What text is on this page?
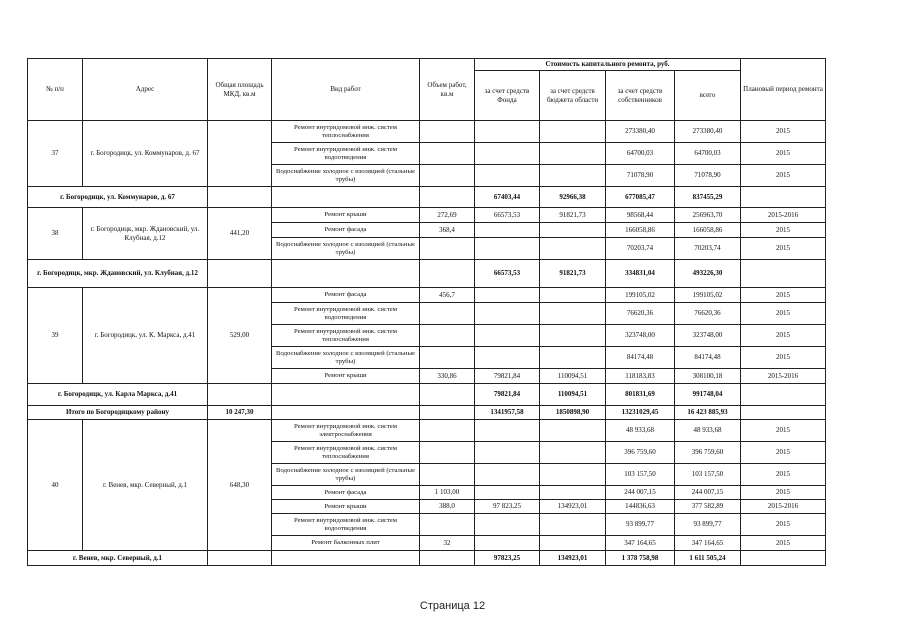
№ п/п	Адрес	Общая площадь МКД, кв.м	Вид работ	Объем работ, кв.м	Стоимость капитального ремонта, руб.				Плановый период ремонта
					за счет средств Фонда	за счет средств бюджета области	за счет средств собственников	всего	
37	г. Богородицк, ул. Коммунаров, д. 67		Ремонт внутридомовой инж. систем теплоснабжения				273380,40	273380,40	2015
			Ремонт внутридомовой инж. систем водоотведения				64700,03	64700,03	2015
			Водоснабжение холодное с изоляцией (стальные трубы)				71078,90	71078,90	2015
г. Богородицк, ул. Коммунаров, д. 67					67403,44	92966,38	677085,47	837455,29	
38	г. Богородицк, мкр. Ждановский, ул. Клубная, д.12	441,20	Ремонт крыши	272,69	66573,53	91821,73	98568,44	256963,70	2015-2016
			Ремонт фасада	368,4			166058,86	166058,86	2015
			Водоснабжение холодное с изоляцией (стальные трубы)				70203,74	70203,74	2015
г. Богородицк, мкр. Ждановский, ул. Клубная, д.12					66573,53	91821,73	334831,04	493226,30	
39	г. Богородицк, ул. К. Маркса, д.41	529,00	Ремонт фасада	456,7			199105,02	199105,02	2015
			Ремонт внутридомовой инж. систем водоотведения				76620,36	76620,36	2015
			Ремонт внутридомовой инж. систем теплоснабжения				323748,00	323748,00	2015
			Водоснабжение холодное с изоляцией (стальные трубы)				84174,48	84174,48	2015
			Ремонт крыши	330,86	79821,84	110094,51	118183,83	308100,18	2015-2016
г. Богородицк, ул. Карла Маркса, д.41					79821,84	110094,51	801831,69	991748,04	
Итого по Богородицкому району		10 247,30			1341957,58	1850898,90	13231029,45	16 423 885,93	
40	г. Венев, мкр. Северный, д.1	648,30	Ремонт внутридомовой инж. систем электроснабжения				48 933,68	48 933,68	2015
			Ремонт внутридомовой инж. систем теплоснабжения				396 759,60	396 759,60	2015
			Водоснабжение холодное с изоляцией (стальные трубы)				103 157,50	103 157,50	2015
			Ремонт фасада	1 103,00			244 007,15	244 007,15	2015
			Ремонт крыши	388,0	97 823,25	134923,01	144836,63	377 582,89	2015-2016
			Ремонт внутридомовой инж. систем водоотведения				93 899,77	93 899,77	2015
			Ремонт балконных плит	32			347 164,65	347 164,65	2015
г. Венев, мкр. Северный, д.1					97823,25	134923,01	1 378 758,98	1 611 505,24	
Страница 12
